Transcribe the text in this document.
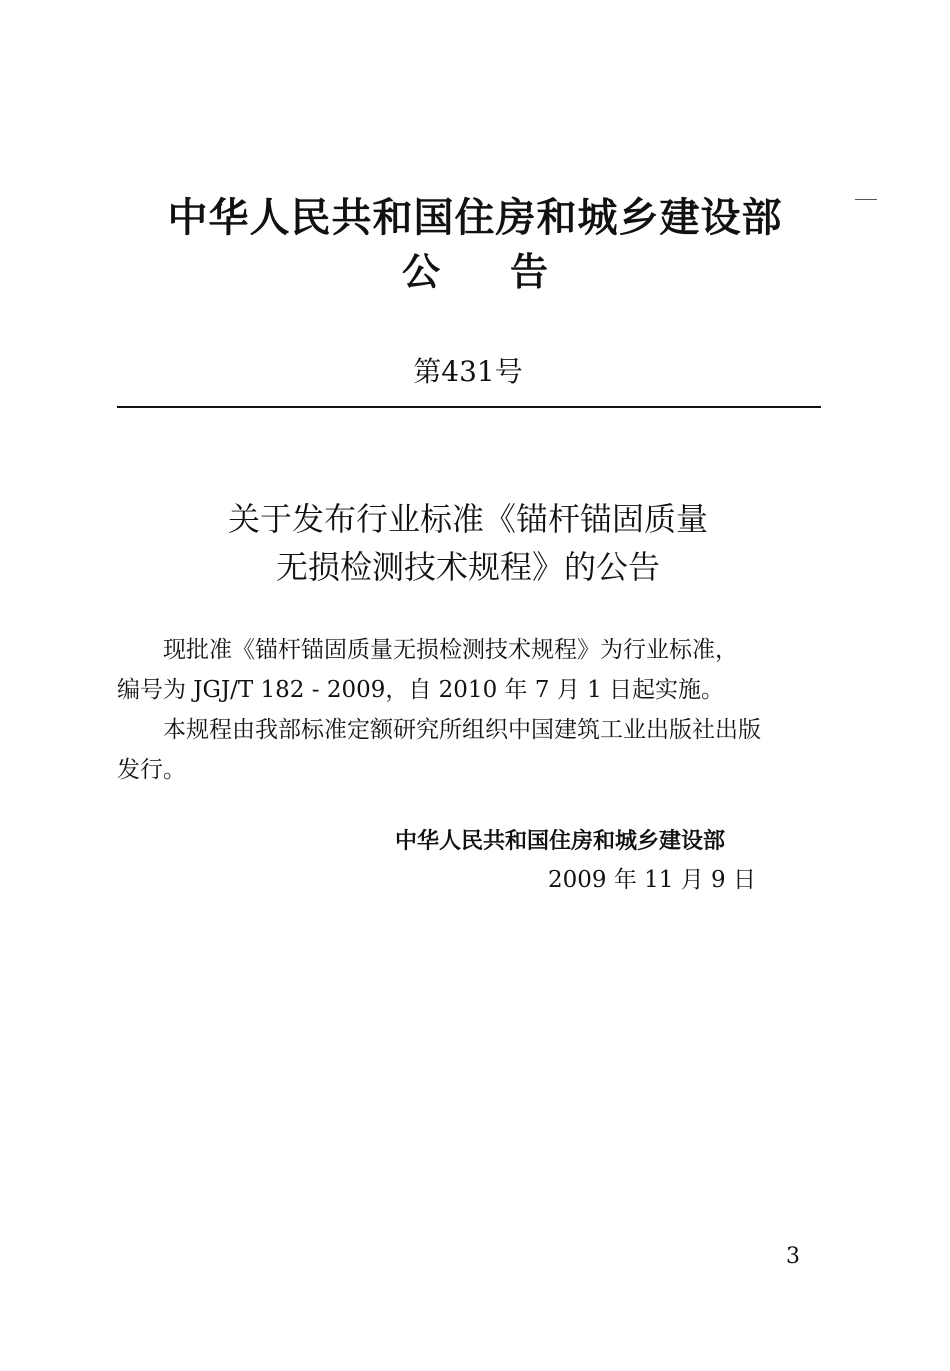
中华人民共和国住房和城乡建设部
公告
第431号
关于发布行业标准《锚杆锚固质量
无损检测技术规程》的公告
现批准《锚杆锚固质量无损检测技术规程》为行业标准，
编号为 JGJ/T 182 - 2009，自 2010 年 7 月 1 日起实施。
本规程由我部标准定额研究所组织中国建筑工业出版社出版
发行。
中华人民共和国住房和城乡建设部
2009 年 11 月 9 日
3
